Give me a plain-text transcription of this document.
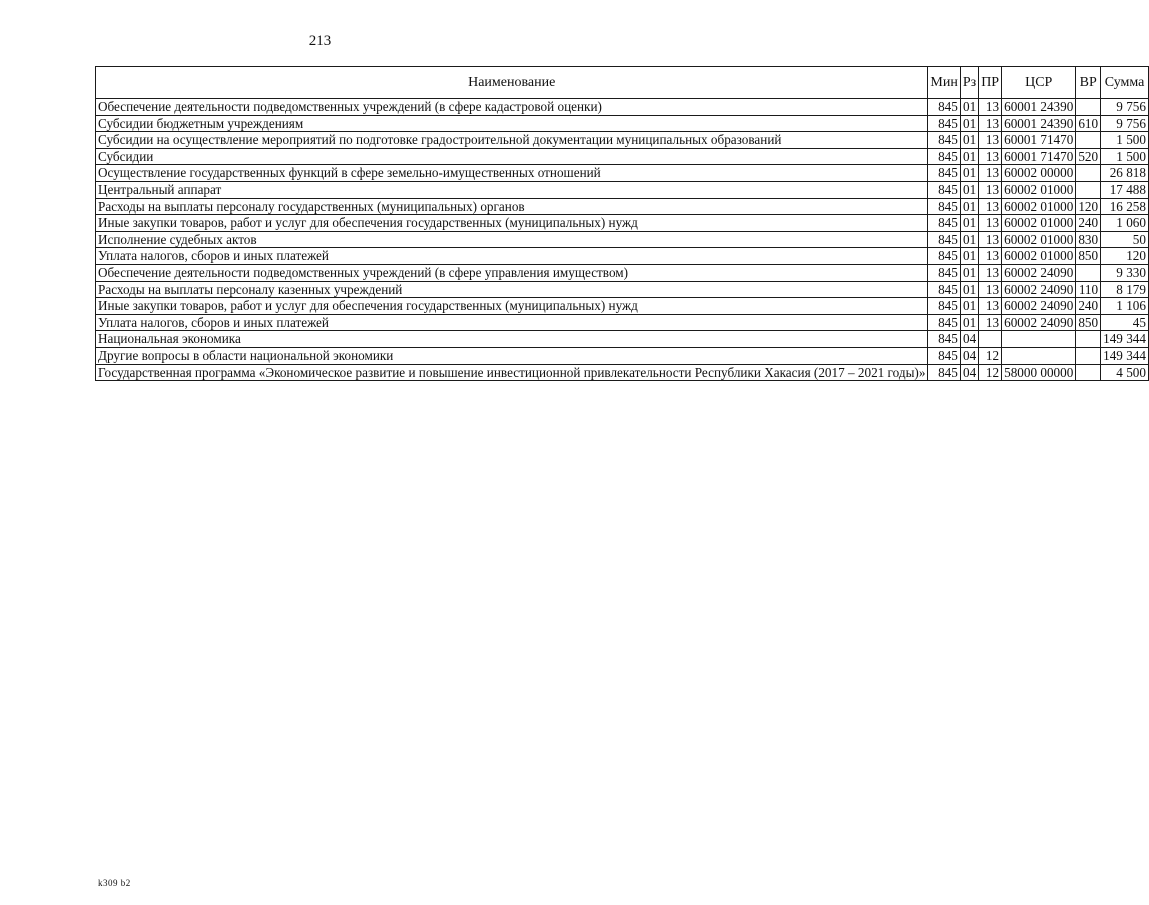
213
Наименование	Мин	Рз	ПР	ЦСР	ВР	Сумма
Обеспечение деятельности подведомственных учреждений (в сфере кадастровой оценки)	845	01	13	60001 24390		9 756
Субсидии бюджетным учреждениям	845	01	13	60001 24390	610	9 756
Субсидии на осуществление мероприятий по подготовке градостроительной документации муниципальных образований	845	01	13	60001 71470		1 500
Субсидии	845	01	13	60001 71470	520	1 500
Осуществление государственных функций в сфере земельно-имущественных отношений	845	01	13	60002 00000		26 818
Центральный аппарат	845	01	13	60002 01000		17 488
Расходы на выплаты персоналу государственных (муниципальных) органов	845	01	13	60002 01000	120	16 258
Иные закупки товаров, работ и услуг для обеспечения государственных (муниципальных) нужд	845	01	13	60002 01000	240	1 060
Исполнение судебных актов	845	01	13	60002 01000	830	50
Уплата налогов, сборов и иных платежей	845	01	13	60002 01000	850	120
Обеспечение деятельности подведомственных учреждений (в сфере управления имуществом)	845	01	13	60002 24090		9 330
Расходы на выплаты персоналу казенных учреждений	845	01	13	60002 24090	110	8 179
Иные закупки товаров, работ и услуг для обеспечения государственных (муниципальных) нужд	845	01	13	60002 24090	240	1 106
Уплата налогов, сборов и иных платежей	845	01	13	60002 24090	850	45
Национальная экономика	845	04				149 344
Другие вопросы в области национальной экономики	845	04	12			149 344
Государственная программа «Экономическое развитие и повышение инвестиционной привлекательности Республики Хакасия (2017 – 2021 годы)»	845	04	12	58000 00000		4 500
k309 b2
